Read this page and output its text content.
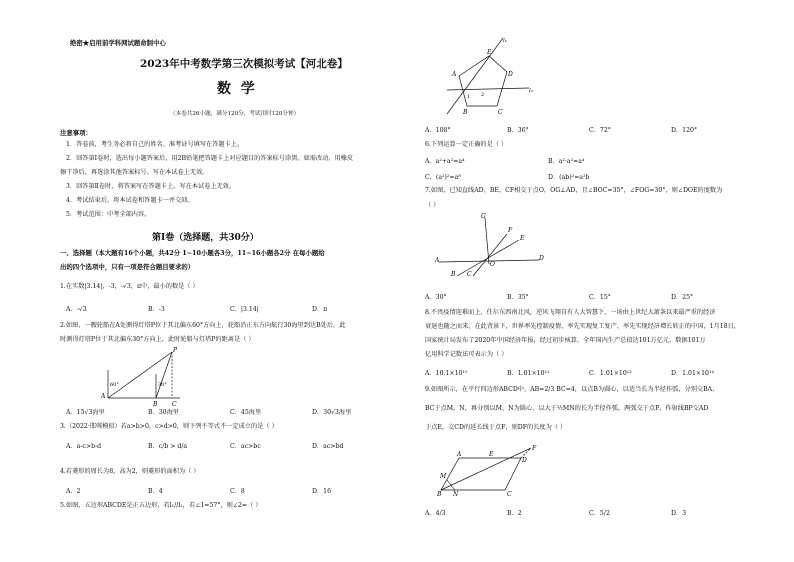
绝密★启用前学科网试题命制中心
2023年中考数学第三次模拟考试【河北卷】
数  学
（本卷共26小题，满分120分，考试用时120分钟）
注意事项：
1．答卷前，考生务必将自己的姓名、准考证号填写在答题卡上。
2．回答第Ⅰ卷时，选出每小题答案后，用2B铅笔把答题卡上对应题目的答案标号涂黑。如需改动，用橡皮
擦干净后，再选涂其他答案标号。写在本试卷上无效。
3．回答第Ⅱ卷时，将答案写在答题卡上。写在本试卷上无效。
4．考试结束后，将本试卷和答题卡一并交回。
5．考试范围：中考全部内容。
第Ⅰ卷（选择题，共30分）
一、选择题（本大题有16个小题，共42分 1~10小题各3分，11~16小题各2分 在每小题给
出的四个选项中，只有一项是符合题目要求的）
1.在实数|3.14|，-3，-√3，π中，最小的数是（ ）
A．-√3	B．-3	C．|3.14|	D．π
2.如图，一艘轮船在A处测得灯塔P位于其北偏东60°方向上，轮船沿正东方向航行30海里到达B处后，此
时测得灯塔P位于其北偏东30°方向上，此时轮船与灯塔P的距离是（ ）
P
A
B C
60°	30°
A．15√3海里	B．30海里	C．45海里	D．30√3海里
3.（2022·邯郸模拟）若a>b>0，c>d>0，则下列不等式不一定成立的是（ ）
A．a-c>b-d	B．c/b > d/a	C．ac>bc	D．ac>bd
4.若菱形的周长为8，高为2，则菱形的面积为（ ）
A．2	B．4	C．8	D．16
5.如图，五边形ABCDE是正五边形，若l₁//l₂，若∠1=57°，则∠2=（ ）
l₁
l₂
E
D
C
B
A
1 2
A．108°	B．36°	C．72°	D．120°
6.下列运算一定正确的是（ ）
A．a²+a²=a⁴	B．a²·a²=a⁴
C．(a²)²=a⁸	D．(ab)²=a²b
7.如图，已知直线AD、BE、CF相交于点O，OG⊥AD，且∠BOC=35°，∠FOG=30°，则∠DOE的度数为
（ ）
G
F
E
D
A
B C
O
A．30°	B．35°	C．15°	D．25°
8.不畏疫情迎难而上，任尔东西南北风，逆风飞翔自有人大智慧下，一场由上世纪大萧条以来最严重的经济
衰退也随之而来，在此背景下，世界率先控制疫情、率先实现复工复产、率先实现经济增长转正的中国，1月18日，
国家统计局发布了2020年中国经济年报，经过初步核算，全年国内生产总值达101万亿元，数据101万
亿用科学记数法可表示为（ ）
A．10.1×10¹⁰	B．1.01×10¹¹	C．1.01×10¹²	D．1.01×10¹⁴
9.如图所示，在平行四边形ABCD中，AB=2/3 BC=4，以点B为圆心，以适当长为半径作弧，分别交BA、
BC于点M、N，再分别以M、N为圆心，以大于½MN的长为半径作弧，两弧交于点P，作射线BP交AD
于点E，交CD的延长线于点F，则DF的长度为（ ）
A	E
D
F
B	C
M
N
A．4/3	B．2	C．5/2	D．3
